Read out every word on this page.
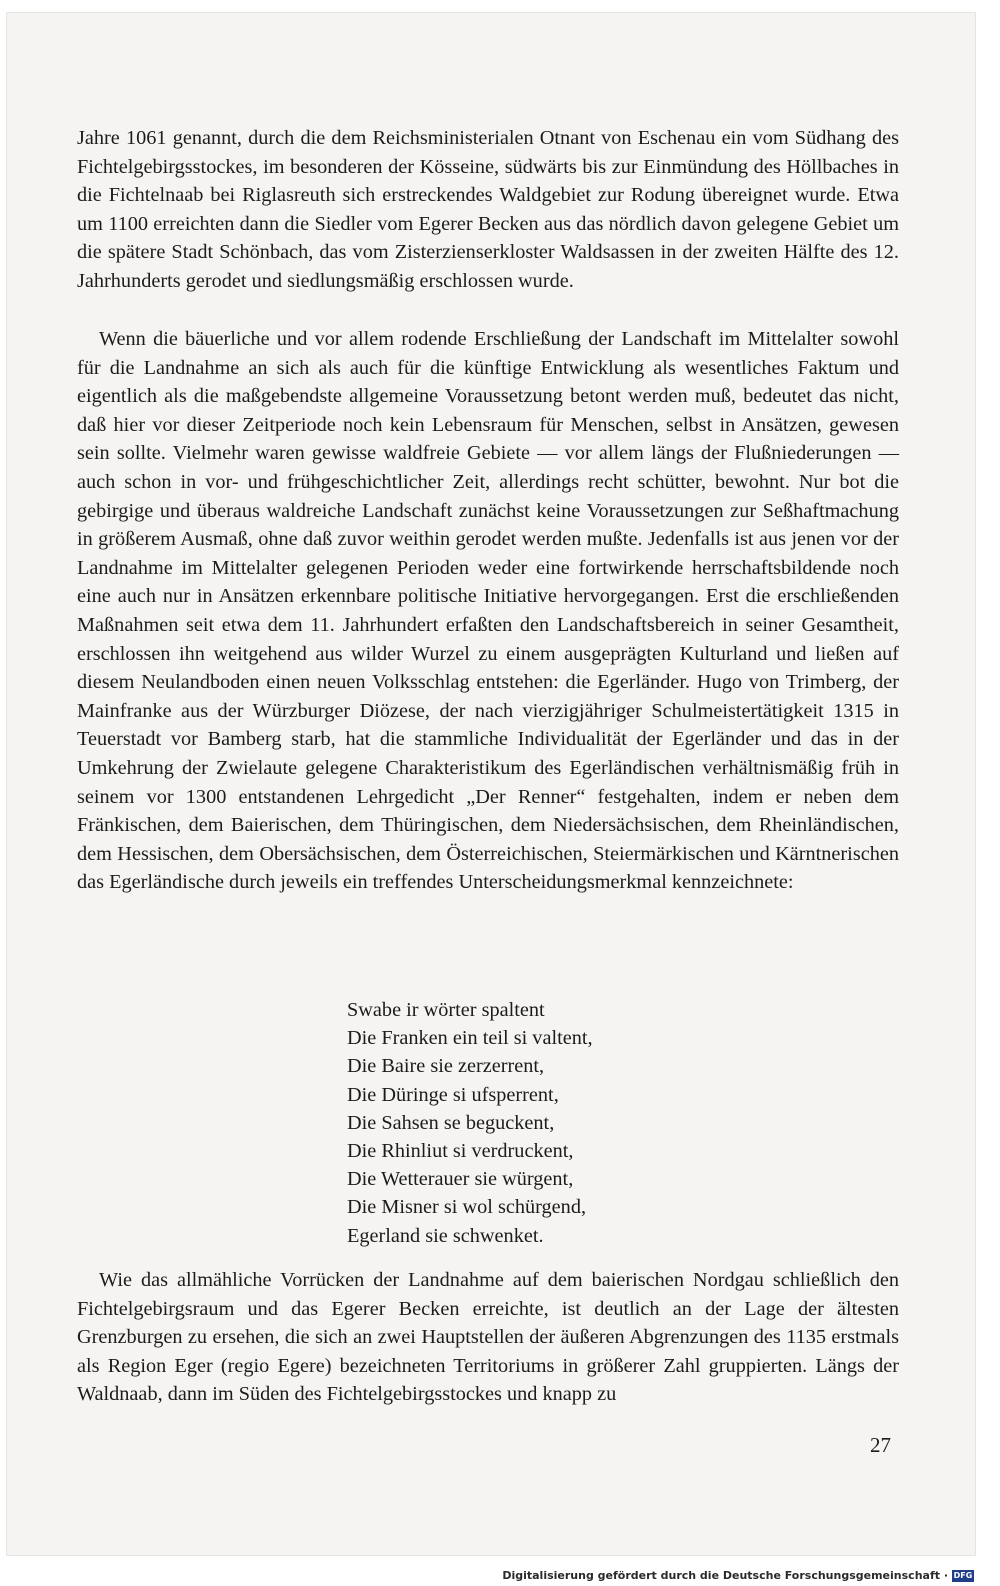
Jahre 1061 genannt, durch die dem Reichsministerialen Otnant von Eschenau ein vom Südhang des Fichtelgebirgsstockes, im besonderen der Kösseine, südwärts bis zur Einmündung des Höllbaches in die Fichtelnaab bei Riglasreuth sich erstreckendes Waldgebiet zur Rodung übereignet wurde. Etwa um 1100 erreichten dann die Siedler vom Egerer Becken aus das nördlich davon gelegene Gebiet um die spätere Stadt Schönbach, das vom Zisterzienserkloster Waldsassen in der zweiten Hälfte des 12. Jahrhunderts gerodet und siedlungsmäßig erschlossen wurde.

Wenn die bäuerliche und vor allem rodende Erschließung der Landschaft im Mittelalter sowohl für die Landnahme an sich als auch für die künftige Entwicklung als wesentliches Faktum und eigentlich als die maßgebendste allgemeine Voraussetzung betont werden muß, bedeutet das nicht, daß hier vor dieser Zeitperiode noch kein Lebensraum für Menschen, selbst in Ansätzen, gewesen sein sollte. Vielmehr waren gewisse waldfreie Gebiete — vor allem längs der Flußniederungen — auch schon in vor- und frühgeschichtlicher Zeit, allerdings recht schütter, bewohnt. Nur bot die gebirgige und überaus waldreiche Landschaft zunächst keine Voraussetzungen zur Seßhaftmachung in größerem Ausmaß, ohne daß zuvor weithin gerodet werden mußte. Jedenfalls ist aus jenen vor der Landnahme im Mittelalter gelegenen Perioden weder eine fortwirkende herrschaftsbildende noch eine auch nur in Ansätzen erkennbare politische Initiative hervorgegangen. Erst die erschließenden Maßnahmen seit etwa dem 11. Jahrhundert erfaßten den Landschaftsbereich in seiner Gesamtheit, erschlossen ihn weitgehend aus wilder Wurzel zu einem ausgeprägten Kulturland und ließen auf diesem Neulandboden einen neuen Volksschlag entstehen: die Egerländer. Hugo von Trimberg, der Mainfranke aus der Würzburger Diözese, der nach vierzigjähriger Schulmeistertätigkeit 1315 in Teuerstadt vor Bamberg starb, hat die stammliche Individualität der Egerländer und das in der Umkehrung der Zwielaute gelegene Charakteristikum des Egerländischen verhältnismäßig früh in seinem vor 1300 entstandenen Lehrgedicht „Der Renner“ festgehalten, indem er neben dem Fränkischen, dem Baierischen, dem Thüringischen, dem Niedersächsischen, dem Rheinländischen, dem Hessischen, dem Obersächsischen, dem Österreichischen, Steiermärkischen und Kärntnerischen das Egerländische durch jeweils ein treffendes Unterscheidungsmerkmal kennzeichnete:

Swabe ir wörter spaltent
Die Franken ein teil si valtent,
Die Baire sie zerzerrent,
Die Düringe si ufsperrent,
Die Sahsen se beguckent,
Die Rhinliut si verdruckent,
Die Wetterauer sie würgent,
Die Misner si wol schürgend,
Egerland sie schwenket.

Wie das allmähliche Vorrücken der Landnahme auf dem baierischen Nordgau schließlich den Fichtelgebirgsraum und das Egerer Becken erreichte, ist deutlich an der Lage der ältesten Grenzburgen zu ersehen, die sich an zwei Hauptstellen der äußeren Abgrenzungen des 1135 erstmals als Region Eger (regio Egere) bezeichneten Territoriums in größerer Zahl gruppierten. Längs der Waldnaab, dann im Süden des Fichtelgebirgsstockes und knapp zu

27
Digitalisierung gefördert durch die Deutsche Forschungsgemeinschaft · DFG
